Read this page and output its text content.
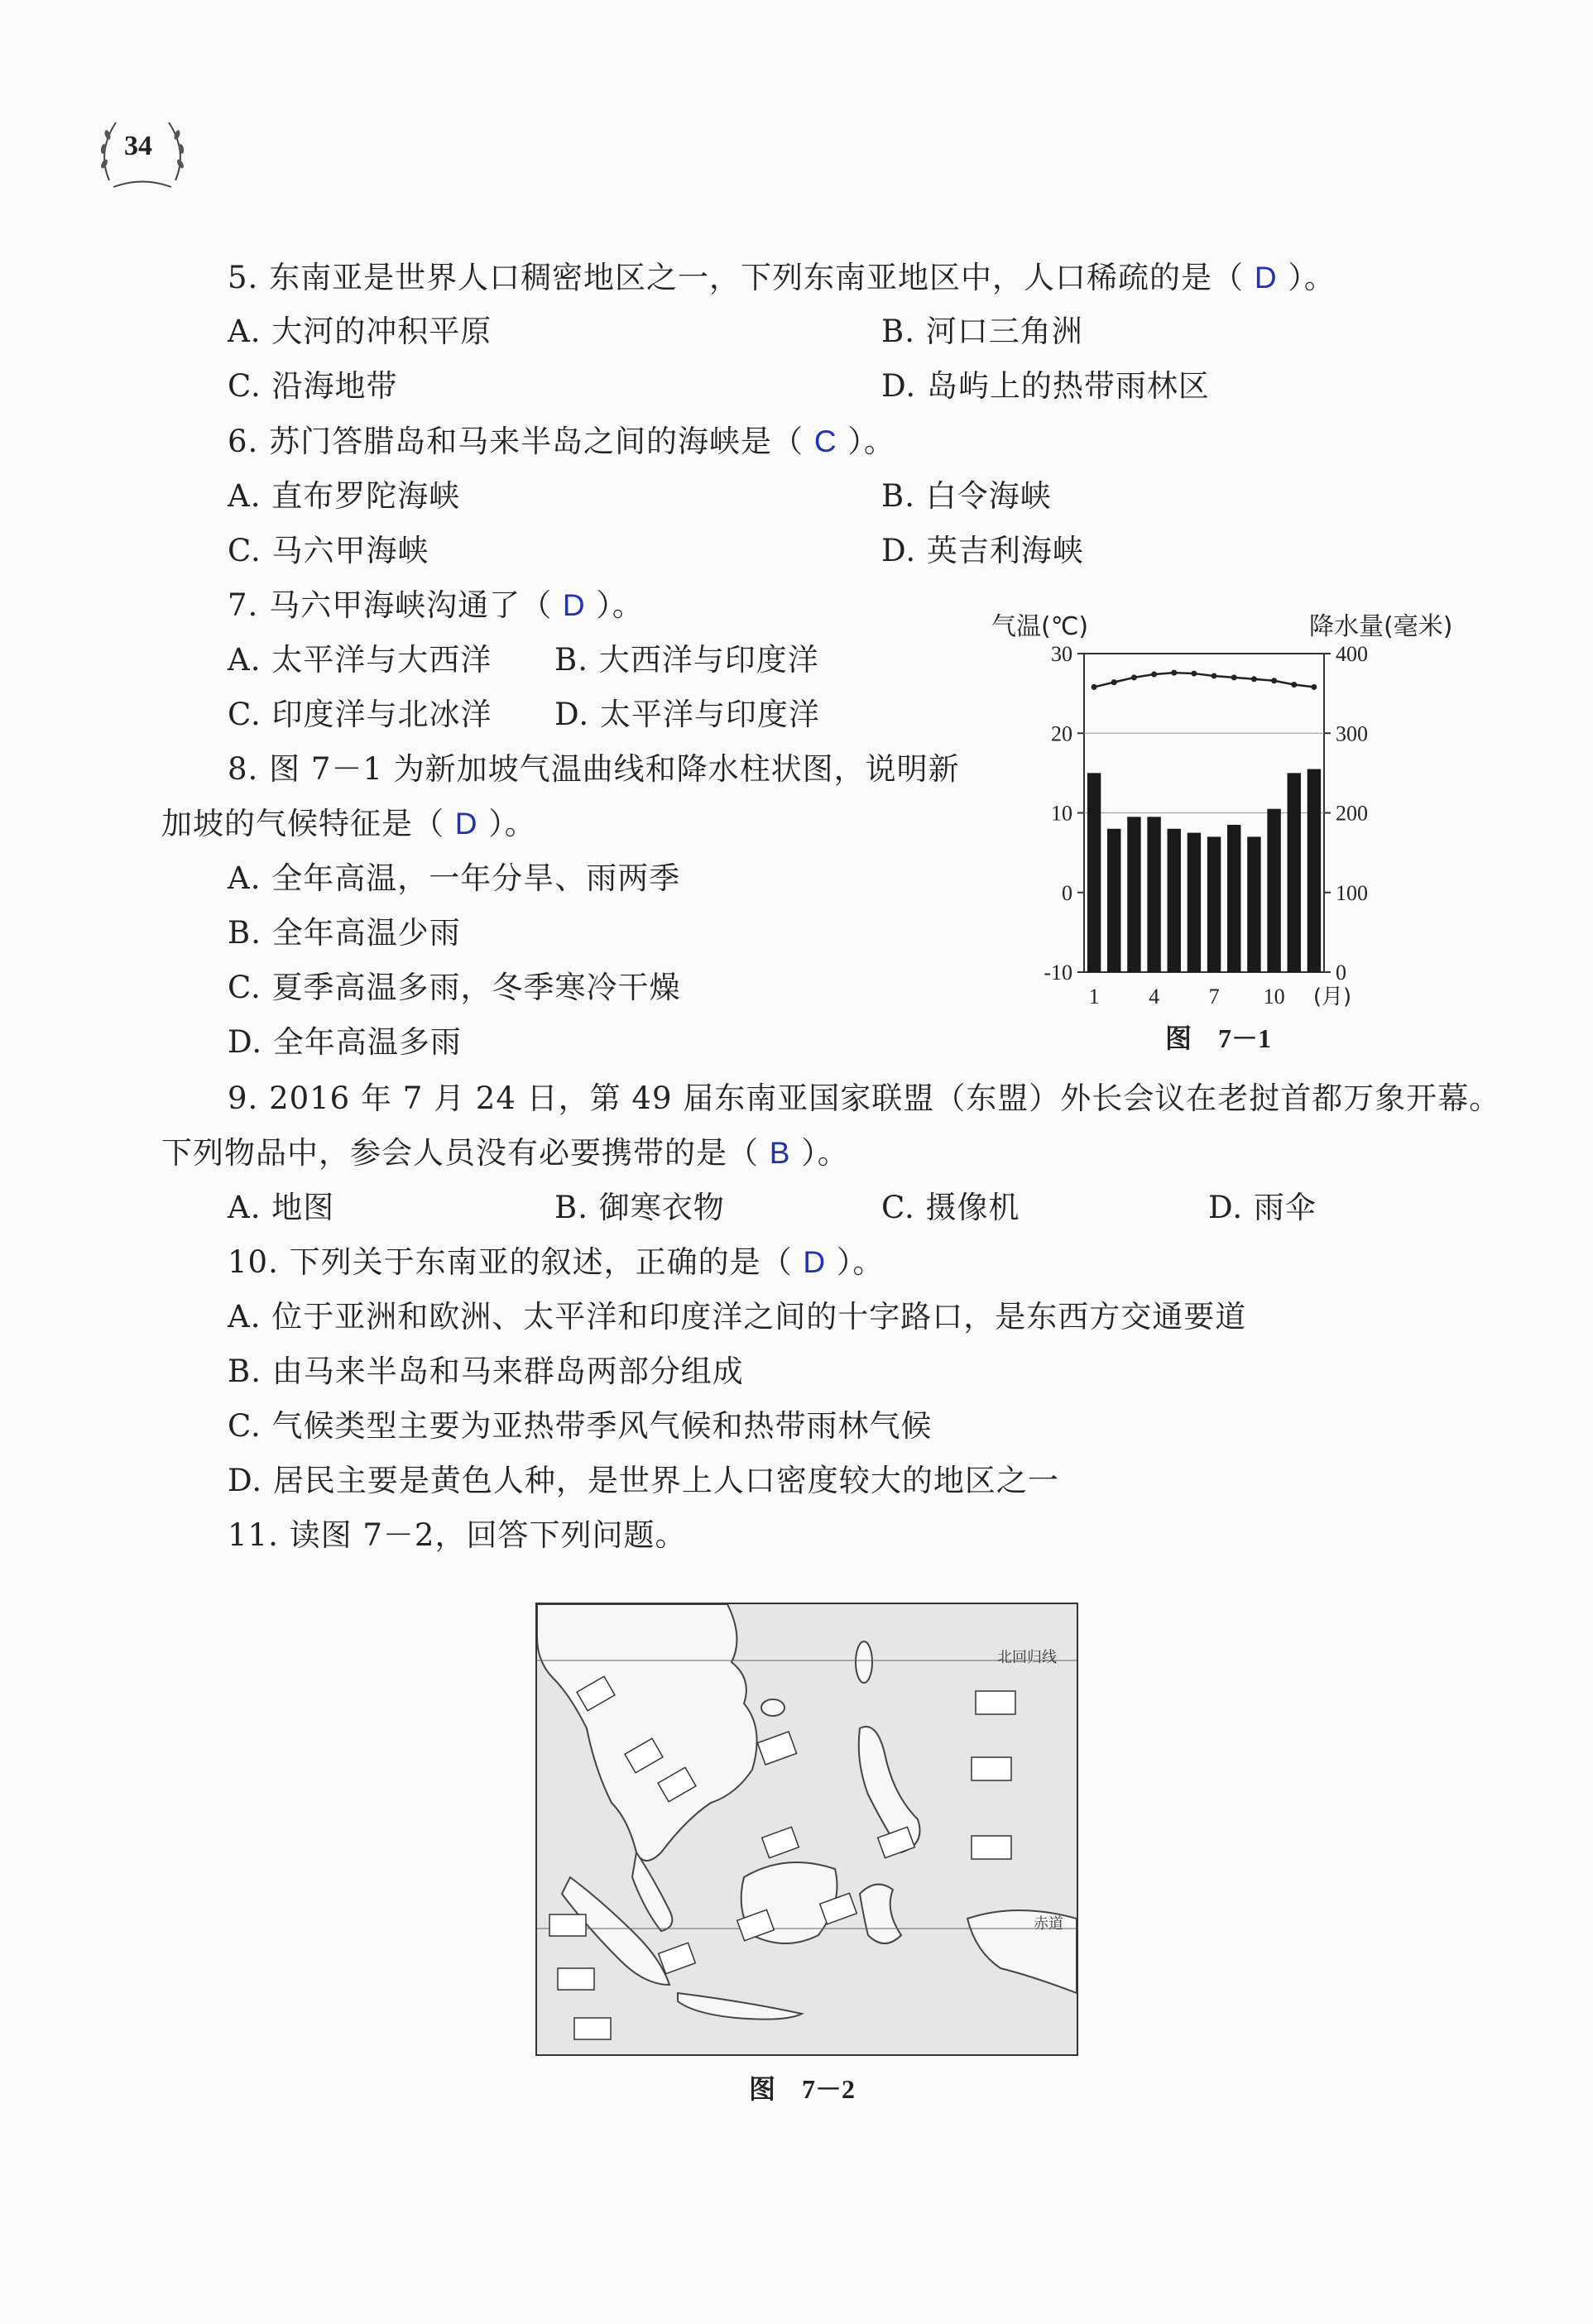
34
5. 东南亚是世界人口稠密地区之一，下列东南亚地区中，人口稀疏的是（ D ）。
A. 大河的冲积平原	B. 河口三角洲
C. 沿海地带	D. 岛屿上的热带雨林区
6. 苏门答腊岛和马来半岛之间的海峡是（ C ）。
A. 直布罗陀海峡	B. 白令海峡
C. 马六甲海峡	D. 英吉利海峡
7. 马六甲海峡沟通了（ D ）。
A. 太平洋与大西洋 B. 大西洋与印度洋
C. 印度洋与北冰洋 D. 太平洋与印度洋
8. 图 7－1 为新加坡气温曲线和降水柱状图，说明新
加坡的气候特征是（ D ）。
A. 全年高温，一年分旱、雨两季
B. 全年高温少雨
C. 夏季高温多雨，冬季寒冷干燥
D. 全年高温多雨
气温(℃)	降水量(毫米)
30
20
10
0
-10
400
300
200
100
0
1 4 7 10 (月)
图　7－1
9. 2016 年 7 月 24 日，第 49 届东南亚国家联盟（东盟）外长会议在老挝首都万象开幕。
下列物品中，参会人员没有必要携带的是（ B ）。
A. 地图	B. 御寒衣物	C. 摄像机	D. 雨伞
10. 下列关于东南亚的叙述，正确的是（ D ）。
A. 位于亚洲和欧洲、太平洋和印度洋之间的十字路口，是东西方交通要道
B. 由马来半岛和马来群岛两部分组成
C. 气候类型主要为亚热带季风气候和热带雨林气候
D. 居民主要是黄色人种，是世界上人口密度较大的地区之一
11. 读图 7－2，回答下列问题。
北回归线
赤道
图　7－2
